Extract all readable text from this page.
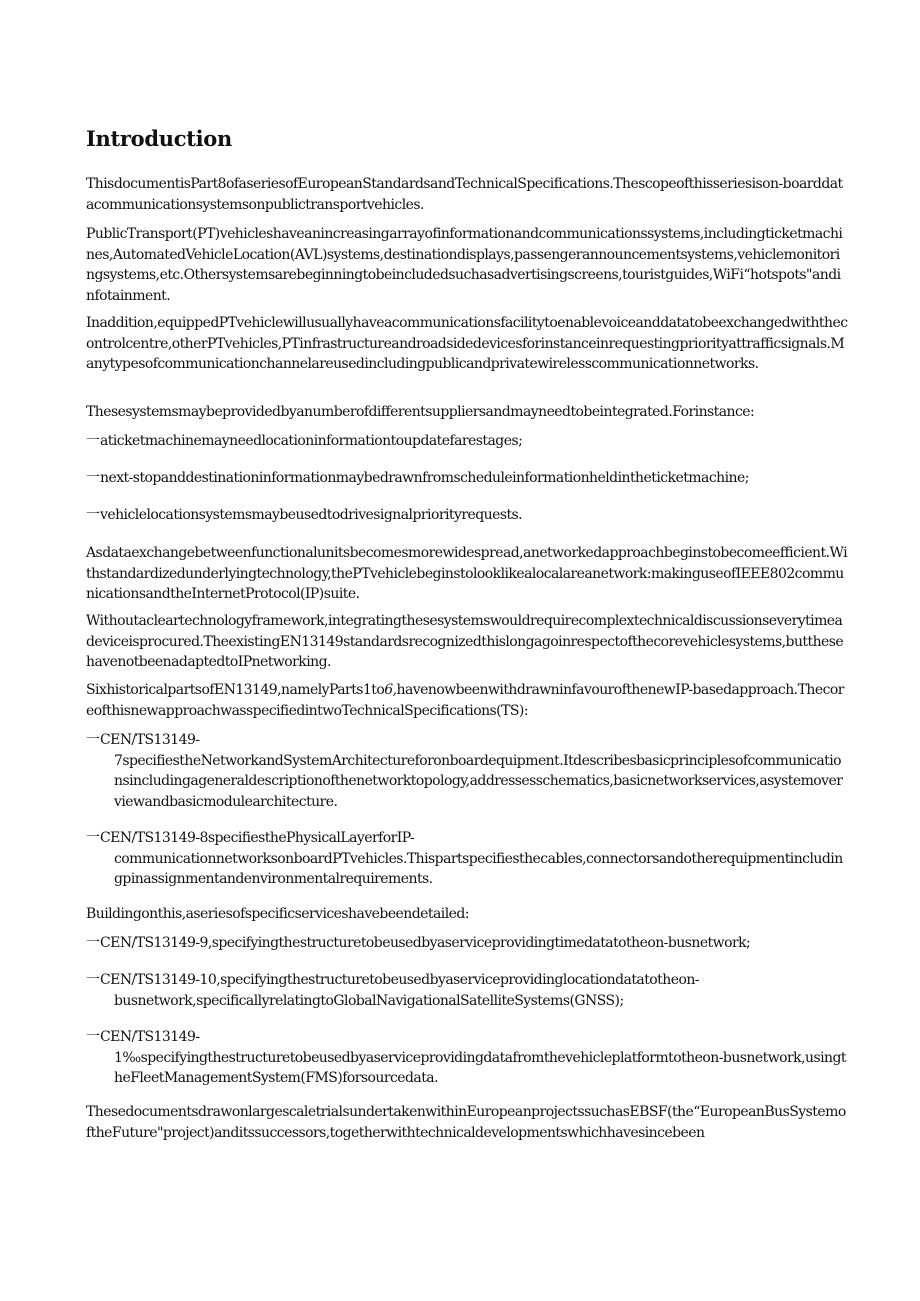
Introduction

ThisdocumentisPart8ofaseriesofEuropeanStandardsandTechnicalSpecifications.Thescopeofthisseriesison-boarddatacommunicationsystemsonpublictransportvehicles.

PublicTransport(PT)vehicleshaveanincreasingarrayofinformationandcommunicationssystems,includingticketmachines,AutomatedVehicleLocation(AVL)systems,destinationdisplays,passengerannouncementsystems,vehiclemonitoringsystems,etc.Othersystemsarebeginningtobeincludedsuchasadvertisingscreens,touristguides,WiFi“hotspots"andinfotainment.

Inaddition,equippedPTvehiclewillusuallyhaveacommunicationsfacilitytoenablevoiceanddatatobeexchangedwiththecontrolcentre,otherPTvehicles,PTinfrastructureandroadsidedevicesforinstanceinrequestingpriorityattrafficsignals.Manytypesofcommunicationchannelareusedincludingpublicandprivatewirelesscommunicationnetworks.

Thesesystemsmaybeprovidedbyanumberofdifferentsuppliersandmayneedtobeintegrated.Forinstance:

一 aticketmachinemayneedlocationinformationtoupdatefarestages;
一 next-stopanddestinationinformationmaybedrawnfromscheduleinformationheldintheticketmachine;
一 vehiclelocationsystemsmaybeusedtodrivesignalpriorityrequests.

Asdataexchangebetweenfunctionalunitsbecomesmorewidespread,anetworkedapproachbeginstobecomeefficient.Withstandardizedunderlyingtechnology,thePTvehiclebeginstolooklikealocalareanetwork:makinguseofIEEE802communicationsandtheInternetProtocol(IP)suite.

Withoutacleartechnologyframework,integratingthesesystemswouldrequirecomplextechnicaldiscussionseverytimeadeviceisprocured.TheexistingEN13149standardsrecognizedthislongagoinrespectofthecorevehiclesystems,butthesehavenotbeenadaptedtoIPnetworking.

SixhistoricalpartsofEN13149,namelyParts1to6,havenowbeenwithdrawninfavourofthenewIP-basedapproach.ThecoreofthisnewapproachwasspecifiedintwoTechnicalSpecifications(TS):

一 CEN/TS13149-
7specifiestheNetworkandSystemArchitectureforonboardequipment.Itdescribesbasicprinciplesofcommunicationsincludingageneraldescriptionofthenetworktopology,addressesschematics,basicnetworkservices,asystemoverviewandbasicmodulearchitecture.
一 CEN/TS13149-8specifiesthePhysicalLayerforIP-
communicationnetworksonboardPTvehicles.Thispartspecifiesthecables,connectorsandotherequipmentincludingpinassignmentandenvironmentalrequirements.

Buildingonthis,aseriesofspecificserviceshavebeendetailed:

一 CEN/TS13149-9,specifyingthestructuretobeusedbyaserviceprovidingtimedatatotheon-busnetwork;
一 CEN/TS13149-10,specifyingthestructuretobeusedbyaserviceprovidinglocationdatatotheon-
busnetwork,specificallyrelatingtoGlobalNavigationalSatelliteSystems(GNSS);
一 CEN/TS13149-
1‰specifyingthestructuretobeusedbyaserviceprovidingdatafromthevehicleplatformtotheon-busnetwork,usingtheFleetManagementSystem(FMS)forsourcedata.

ThesedocumentsdrawonlargescaletrialsundertakenwithinEuropeanprojectssuchasEBSF(the“EuropeanBusSystemoftheFuture"project)anditssuccessors,togetherwithtechnicaldevelopmentswhichhavesincebeen
